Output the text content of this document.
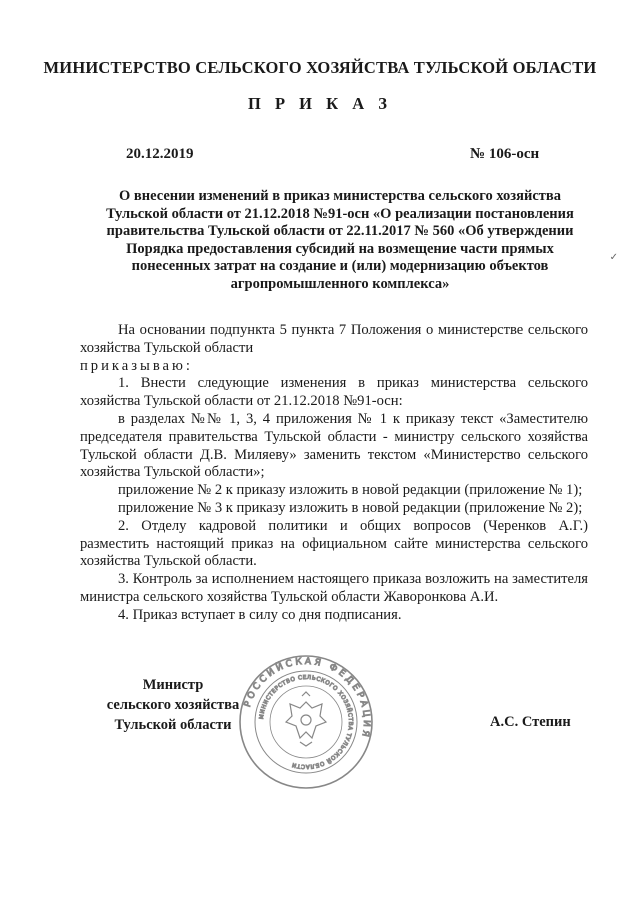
МИНИСТЕРСТВО СЕЛЬСКОГО ХОЗЯЙСТВА ТУЛЬСКОЙ ОБЛАСТИ
П Р И К А З
20.12.2019	№ 106-осн
О внесении изменений в приказ министерства сельского хозяйства Тульской области от 21.12.2018 №91-осн «О реализации постановления правительства Тульской области от 22.11.2017 № 560 «Об утверждении Порядка предоставления субсидий на возмещение части прямых понесенных затрат на создание и (или) модернизацию объектов агропромышленного комплекса»
✓

На основании подпункта 5 пункта 7 Положения о министерстве сельского хозяйства Тульской области

приказываю:

1. Внести следующие изменения в приказ министерства сельского хозяйства Тульской области от 21.12.2018 №91-осн:

в разделах №№ 1, 3, 4 приложения № 1 к приказу текст «Заместителю председателя правительства Тульской области - министру сельского хозяйства Тульской области Д.В. Миляеву» заменить текстом «Министерство сельского хозяйства Тульской области»;

приложение № 2 к приказу изложить в новой редакции (приложение № 1);

приложение № 3 к приказу изложить в новой редакции (приложение № 2);

2. Отделу кадровой политики и общих вопросов (Черенков А.Г.) разместить настоящий приказ на официальном сайте министерства сельского хозяйства Тульской области.

3. Контроль за исполнением настоящего приказа возложить на заместителя министра сельского хозяйства Тульской области Жаворонкова А.И.

4. Приказ вступает в силу со дня подписания.

Министр
сельского хозяйства
Тульской области
РОССИЙСКАЯ ФЕДЕРАЦИЯ
МИНИСТЕРСТВО СЕЛЬСКОГО ХОЗЯЙСТВА ТУЛЬСКОЙ ОБЛАСТИ
А.С. Степин
